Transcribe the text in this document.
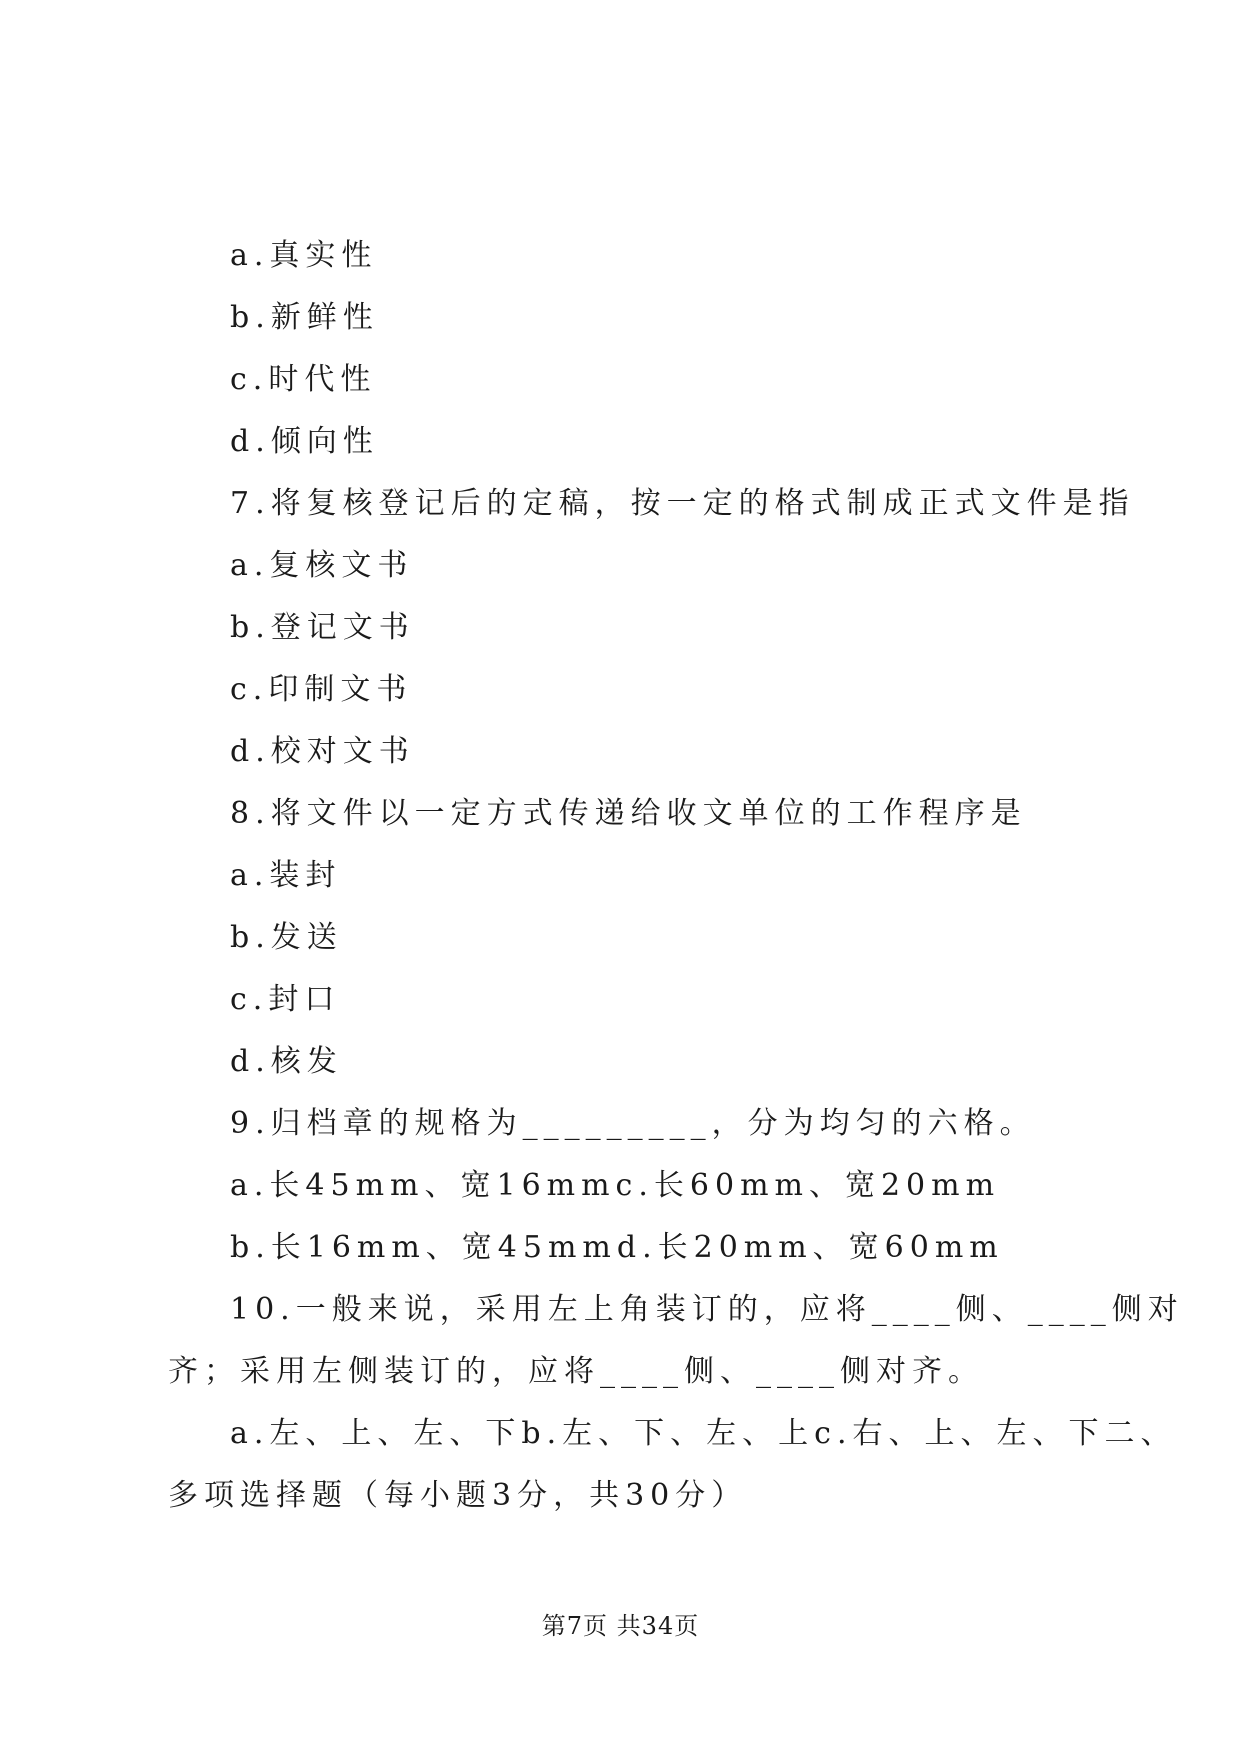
a.真实性
b.新鲜性
c.时代性
d.倾向性
7.将复核登记后的定稿，按一定的格式制成正式文件是指
a.复核文书
b.登记文书
c.印制文书
d.校对文书
8.将文件以一定方式传递给收文单位的工作程序是
a.装封
b.发送
c.封口
d.核发
9.归档章的规格为_________，分为均匀的六格。
a.长45mm、宽16mmc.长60mm、宽20mm
b.长16mm、宽45mmd.长20mm、宽60mm
10.一般来说，采用左上角装订的，应将____侧、____侧对
齐；采用左侧装订的，应将____侧、____侧对齐。
a.左、上、左、下b.左、下、左、上c.右、上、左、下二、
多项选择题（每小题3分，共30分）
第7页 共34页
